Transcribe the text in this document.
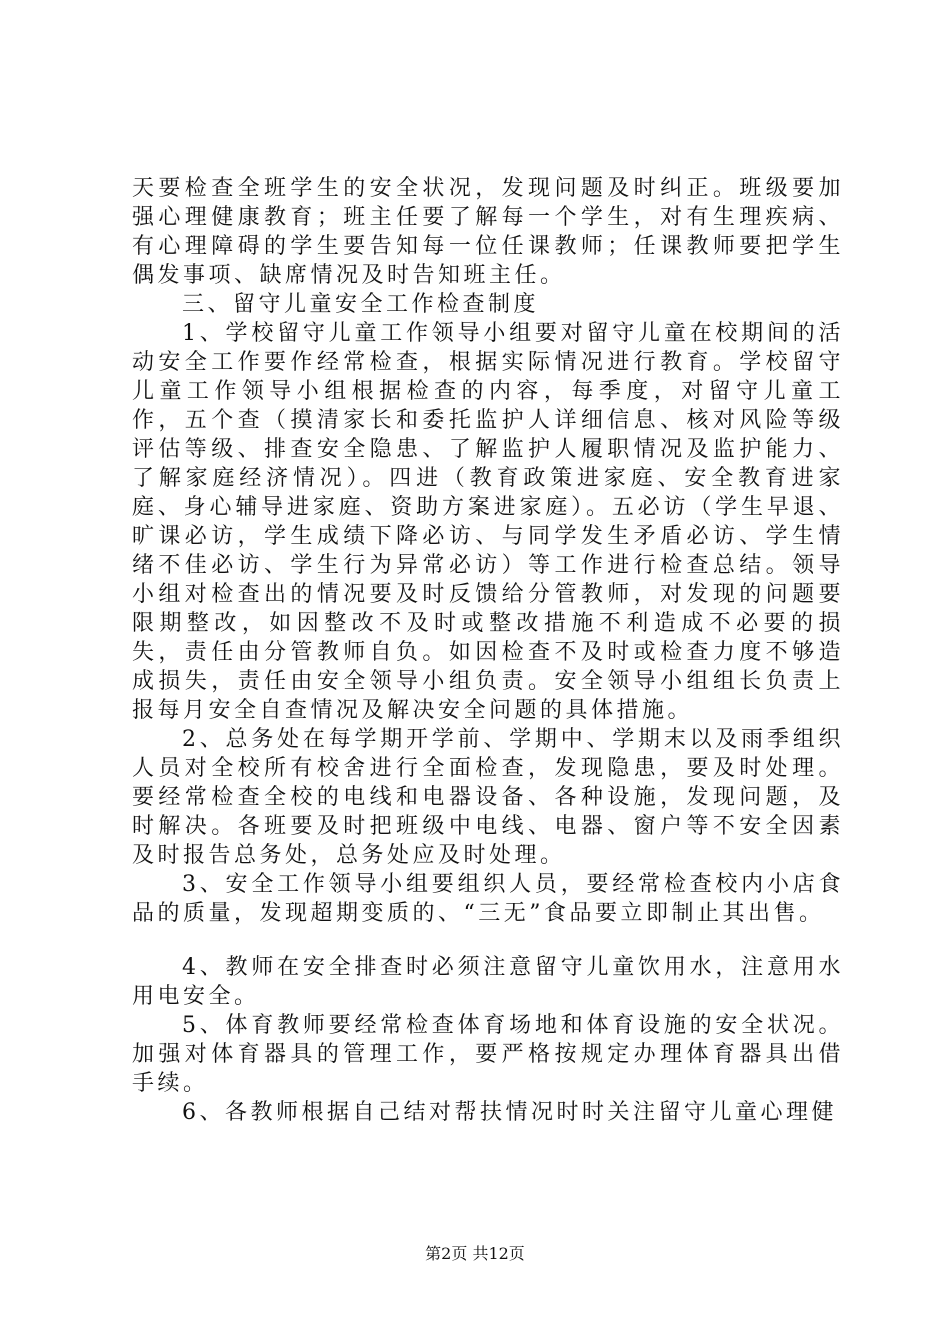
天要检查全班学生的安全状况，发现问题及时纠正。班级要加强心理健康教育；班主任要了解每一个学生，对有生理疾病、有心理障碍的学生要告知每一位任课教师；任课教师要把学生偶发事项、缺席情况及时告知班主任。

三、留守儿童安全工作检查制度

1、学校留守儿童工作领导小组要对留守儿童在校期间的活动安全工作要作经常检查，根据实际情况进行教育。学校留守儿童工作领导小组根据检查的内容，每季度，对留守儿童工作，五个查（摸清家长和委托监护人详细信息、核对风险等级评估等级、排查安全隐患、了解监护人履职情况及监护能力、了解家庭经济情况）。四进（教育政策进家庭、安全教育进家庭、身心辅导进家庭、资助方案进家庭）。五必访（学生早退、旷课必访，学生成绩下降必访、与同学发生矛盾必访、学生情绪不佳必访、学生行为异常必访）等工作进行检查总结。领导小组对检查出的情况要及时反馈给分管教师，对发现的问题要限期整改，如因整改不及时或整改措施不利造成不必要的损失，责任由分管教师自负。如因检查不及时或检查力度不够造成损失，责任由安全领导小组负责。安全领导小组组长负责上报每月安全自查情况及解决安全问题的具体措施。

2、总务处在每学期开学前、学期中、学期末以及雨季组织人员对全校所有校舍进行全面检查，发现隐患，要及时处理。要经常检查全校的电线和电器设备、各种设施，发现问题，及时解决。各班要及时把班级中电线、电器、窗户等不安全因素及时报告总务处，总务处应及时处理。

3、安全工作领导小组要组织人员，要经常检查校内小店食品的质量，发现超期变质的、“三无”食品要立即制止其出售。

4、教师在安全排查时必须注意留守儿童饮用水，注意用水用电安全。

5、体育教师要经常检查体育场地和体育设施的安全状况。加强对体育器具的管理工作，要严格按规定办理体育器具出借手续。

6、各教师根据自己结对帮扶情况时时关注留守儿童心理健

第2页 共12页
